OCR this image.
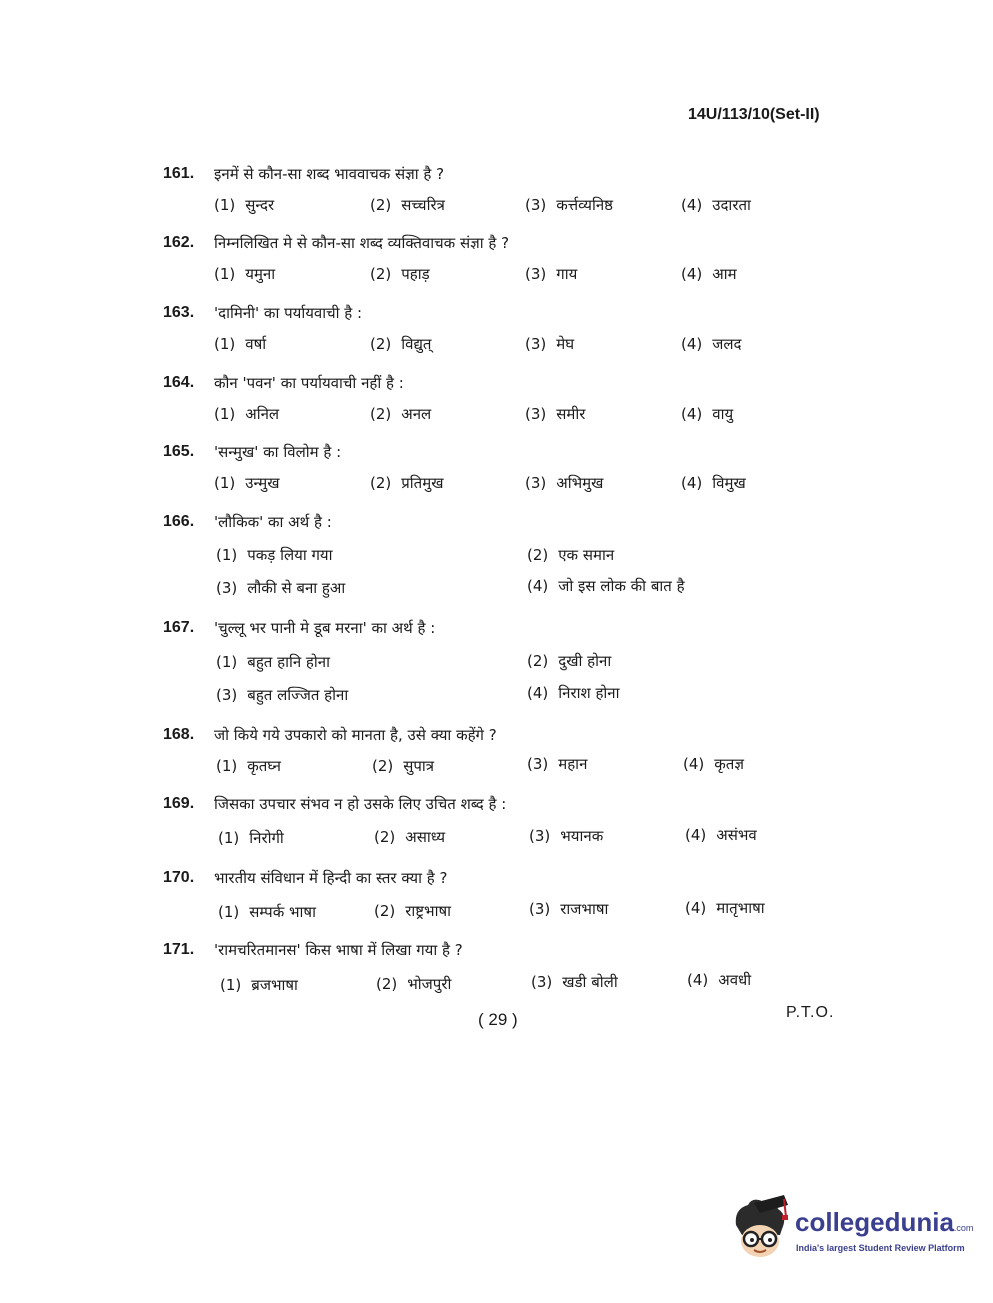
14U/113/10(Set-II)
161. इनमें से कौन-सा शब्द भाववाचक संज्ञा है ?
(1) सुन्दर	(2) सच्चरित्र	(3) कर्त्तव्यनिष्ठ	(4) उदारता
162. निम्नलिखित मे से कौन-सा शब्द व्यक्तिवाचक संज्ञा है ?
(1) यमुना	(2) पहाड़	(3) गाय	(4) आम
163. 'दामिनी' का पर्यायवाची है :
(1) वर्षा	(2) विद्युत्	(3) मेघ	(4) जलद
164. कौन 'पवन' का पर्यायवाची नहीं है :
(1) अनिल	(2) अनल	(3) समीर	(4) वायु
165. 'सन्मुख' का विलोम है :
(1) उन्मुख	(2) प्रतिमुख	(3) अभिमुख	(4) विमुख
166. 'लौकिक' का अर्थ है :
(1) पकड़ लिया गया	(2) एक समान
(3) लौकी से बना हुआ	(4) जो इस लोक की बात है
167. 'चुल्लू भर पानी मे डूब मरना' का अर्थ है :
(1) बहुत हानि होना	(2) दुखी होना
(3) बहुत लज्जित होना	(4) निराश होना
168. जो किये गये उपकारो को मानता है, उसे क्या कहेंगे ?
(1) कृतघ्न	(2) सुपात्र	(3) महान	(4) कृतज्ञ
169. जिसका उपचार संभव न हो उसके लिए उचित शब्द है :
(1) निरोगी	(2) असाध्य	(3) भयानक	(4) असंभव
170. भारतीय संविधान में हिन्दी का स्तर क्या है ?
(1) सम्पर्क भाषा	(2) राष्ट्रभाषा	(3) राजभाषा	(4) मातृभाषा
171. 'रामचरितमानस' किस भाषा में लिखा गया है ?
(1) ब्रजभाषा	(2) भोजपुरी	(3) खडी बोली	(4) अवधी
( 29 )	P.T.O.
collegedunia.com
India's largest Student Review Platform
